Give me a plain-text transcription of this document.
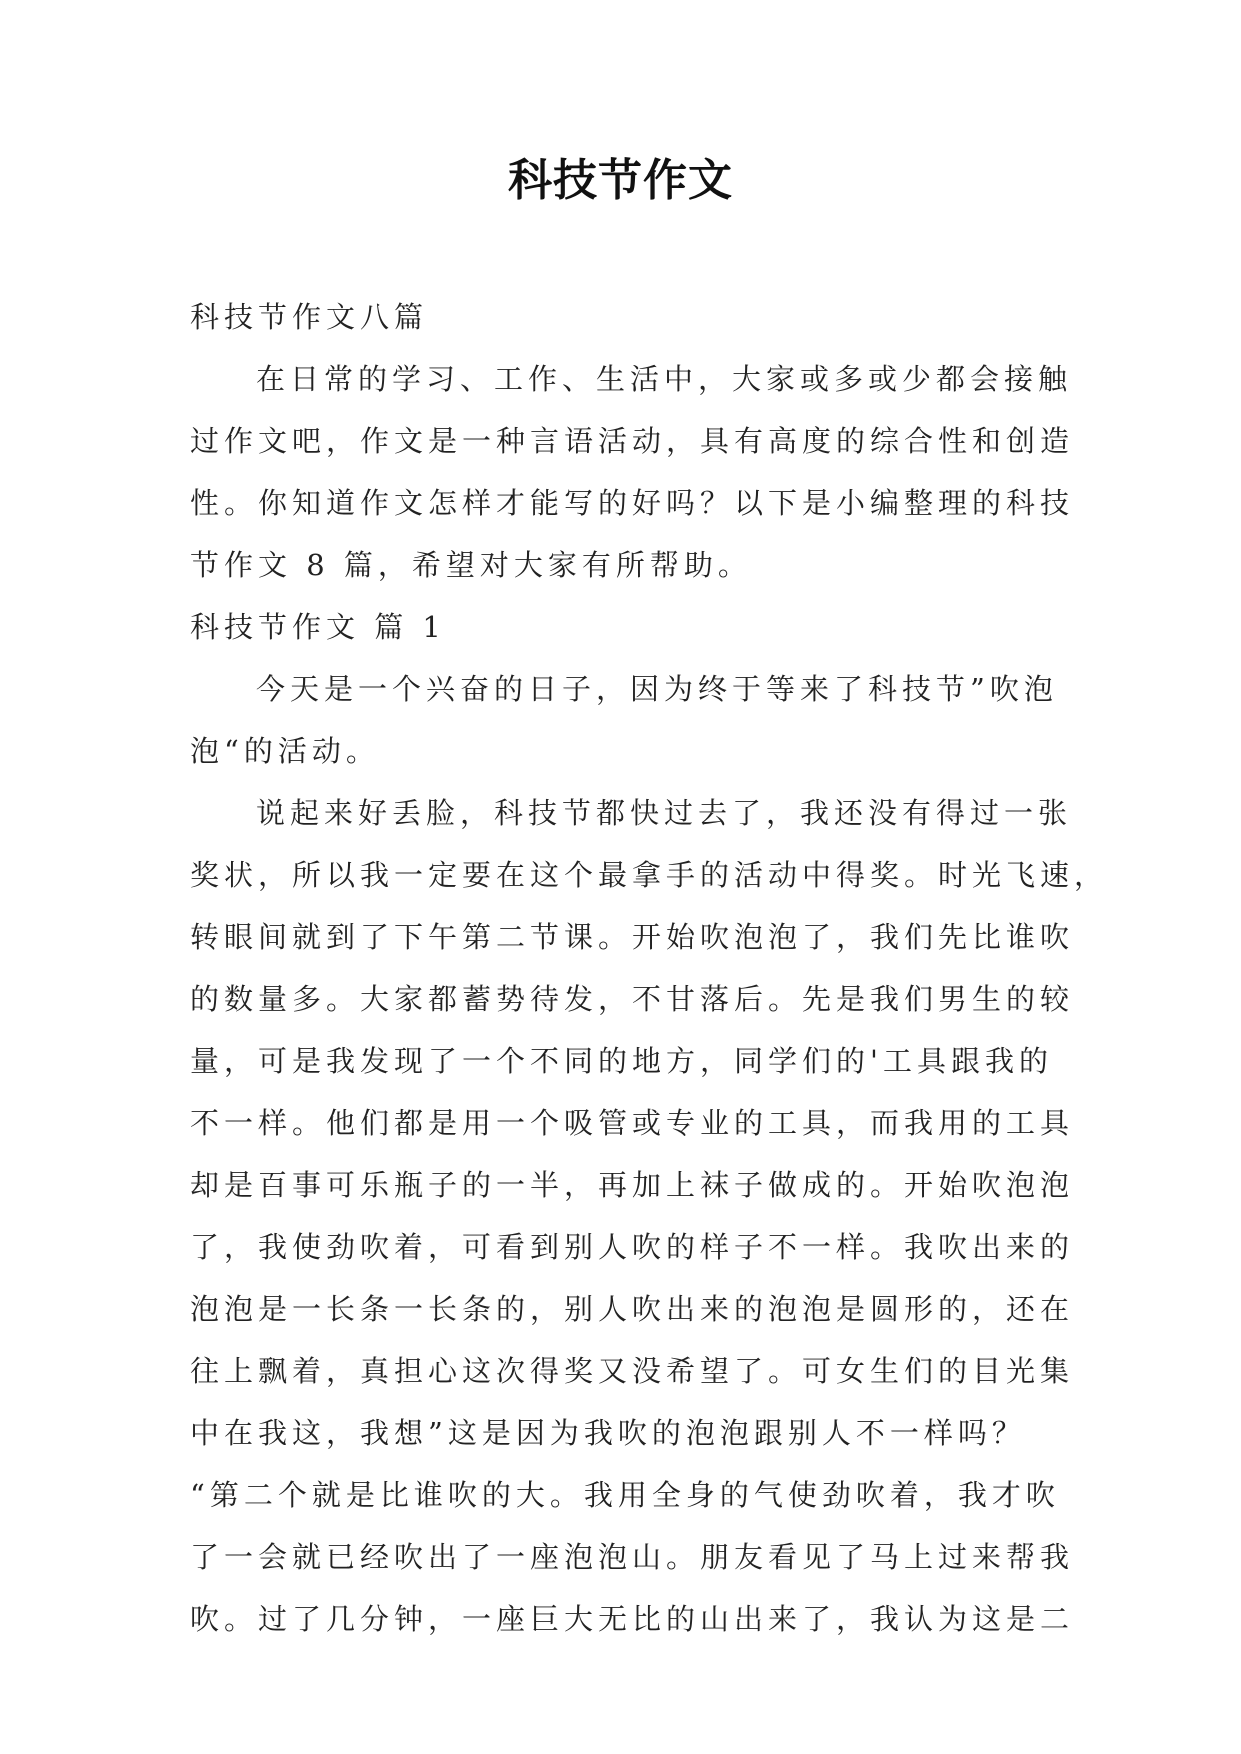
科技节作文

科技节作文八篇

在日常的学习、工作、生活中，大家或多或少都会接触

过作文吧，作文是一种言语活动，具有高度的综合性和创造

性。你知道作文怎样才能写的好吗？以下是小编整理的科技

节作文 8 篇，希望对大家有所帮助。

科技节作文 篇 1

今天是一个兴奋的日子，因为终于等来了科技节”吹泡

泡“的活动。

说起来好丢脸，科技节都快过去了，我还没有得过一张

奖状，所以我一定要在这个最拿手的活动中得奖。时光飞速，

转眼间就到了下午第二节课。开始吹泡泡了，我们先比谁吹

的数量多。大家都蓄势待发，不甘落后。先是我们男生的较

量，可是我发现了一个不同的地方，同学们的'工具跟我的

不一样。他们都是用一个吸管或专业的工具，而我用的工具

却是百事可乐瓶子的一半，再加上袜子做成的。开始吹泡泡

了，我使劲吹着，可看到别人吹的样子不一样。我吹出来的

泡泡是一长条一长条的，别人吹出来的泡泡是圆形的，还在

往上飘着，真担心这次得奖又没希望了。可女生们的目光集

中在我这，我想”这是因为我吹的泡泡跟别人不一样吗？

“第二个就是比谁吹的大。我用全身的气使劲吹着，我才吹

了一会就已经吹出了一座泡泡山。朋友看见了马上过来帮我

吹。过了几分钟，一座巨大无比的山出来了，我认为这是二
